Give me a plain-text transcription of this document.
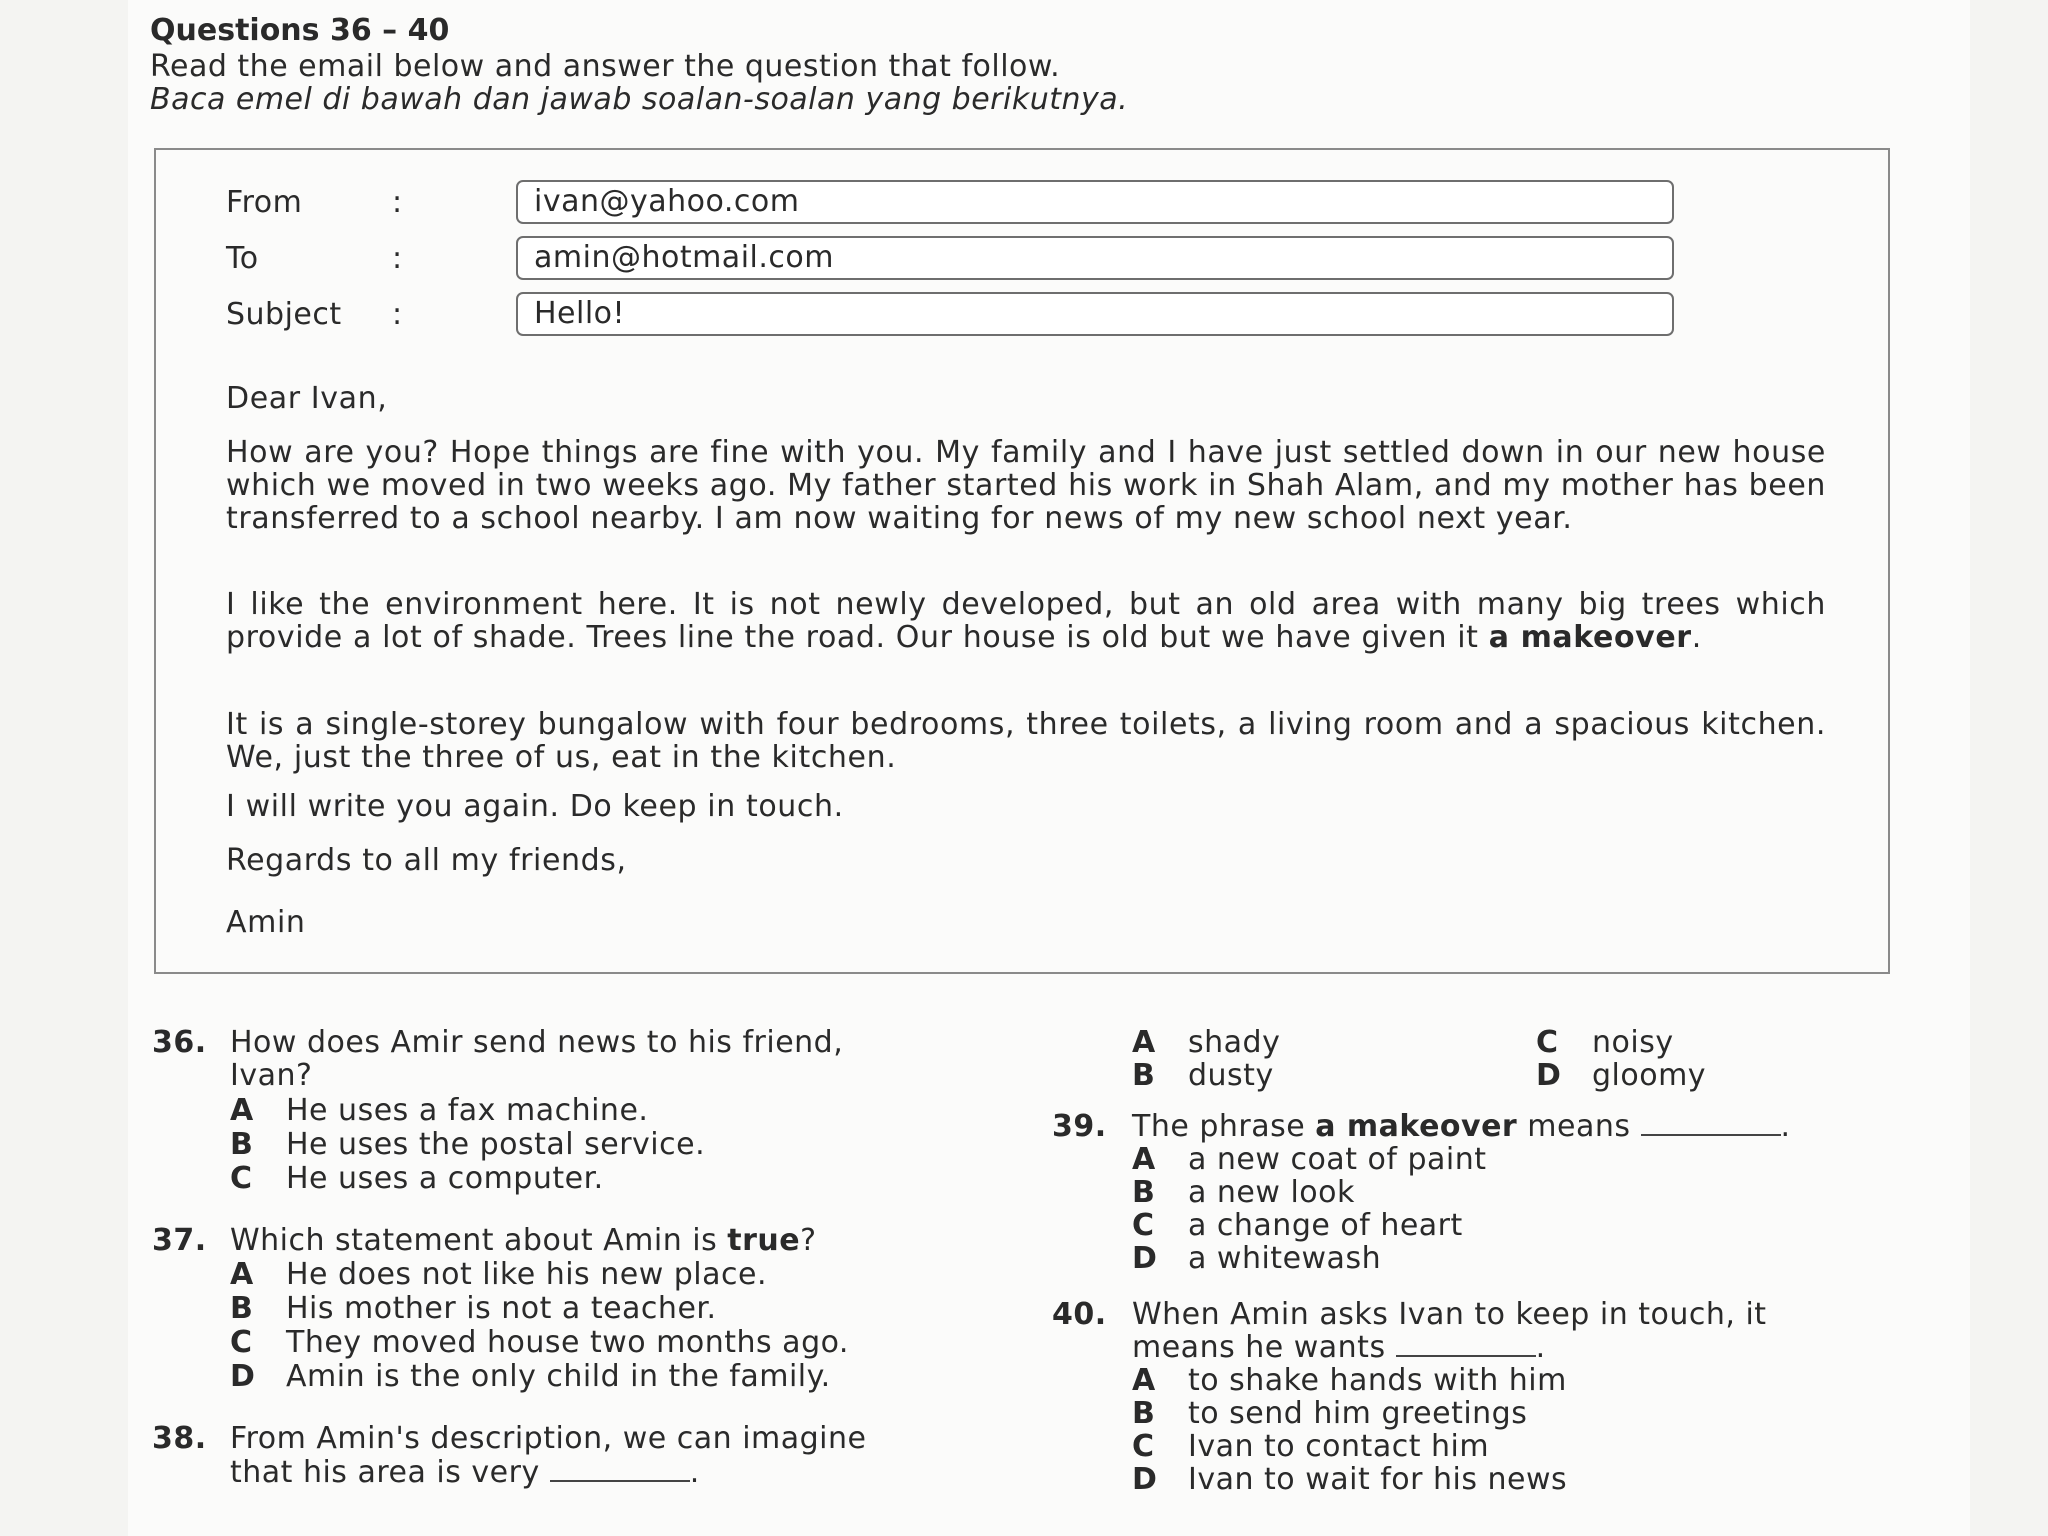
Questions 36 – 40
Read the email below and answer the question that follow.
Baca emel di bawah dan jawab soalan-soalan yang berikutnya.
From	:	ivan@yahoo.com
To	:	amin@hotmail.com
Subject :	Hello!

Dear Ivan,

How are you? Hope things are fine with you. My family and I have just settled down in our new house which we moved in two weeks ago. My father started his work in Shah Alam, and my mother has been transferred to a school nearby. I am now waiting for news of my new school next year.

I like the environment here. It is not newly developed, but an old area with many big trees which provide a lot of shade. Trees line the road. Our house is old but we have given it a makeover.

It is a single-storey bungalow with four bedrooms, three toilets, a living room and a spacious kitchen. We, just the three of us, eat in the kitchen.

I will write you again. Do keep in touch.

Regards to all my friends,

Amin

36. How does Amir send news to his friend,
Ivan?
A He uses a fax machine.
B He uses the postal service.
C He uses a computer.
37. Which statement about Amin is true?
A He does not like his new place.
B His mother is not a teacher.
C They moved house two months ago.
D Amin is the only child in the family.
38. From Amin's description, we can imagine
that his area is very	.
A shady
B dusty
C noisy
D gloomy
39. The phrase a makeover means	.
A a new coat of paint
B a new look
C a change of heart
D a whitewash
40. When Amin asks Ivan to keep in touch, it
means he wants	.
A to shake hands with him
B to send him greetings
C Ivan to contact him
D Ivan to wait for his news
